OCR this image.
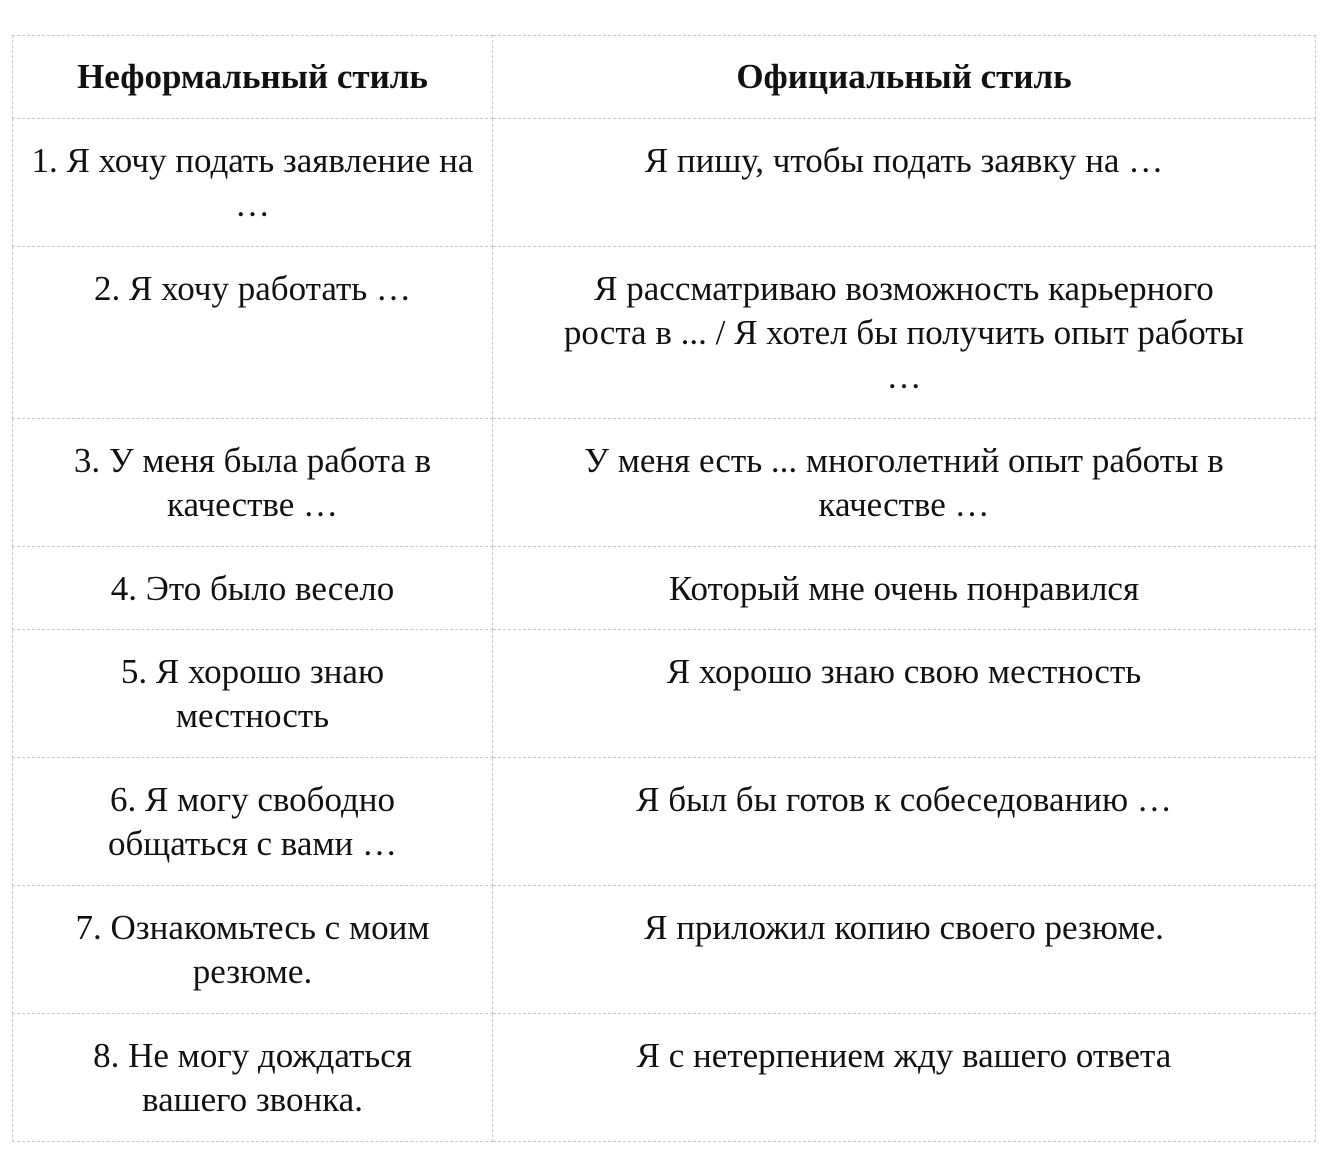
Неформальный стиль	Официальный стиль

1. Я хочу подать заявление на …	Я пишу, чтобы подать заявку на …

2. Я хочу работать …	Я рассматриваю возможность карьерного роста в ... / Я хотел бы получить опыт работы …

3. У меня была работа в качестве …	У меня есть ... многолетний опыт работы в качестве …

4. Это было весело	Который мне очень понравился

5. Я хорошо знаю местность	Я хорошо знаю свою местность

6. Я могу свободно общаться с вами …	Я был бы готов к собеседованию …

7. Ознакомьтесь с моим резюме.	Я приложил копию своего резюме.

8. Не могу дождаться вашего звонка.	Я с нетерпением жду вашего ответа
